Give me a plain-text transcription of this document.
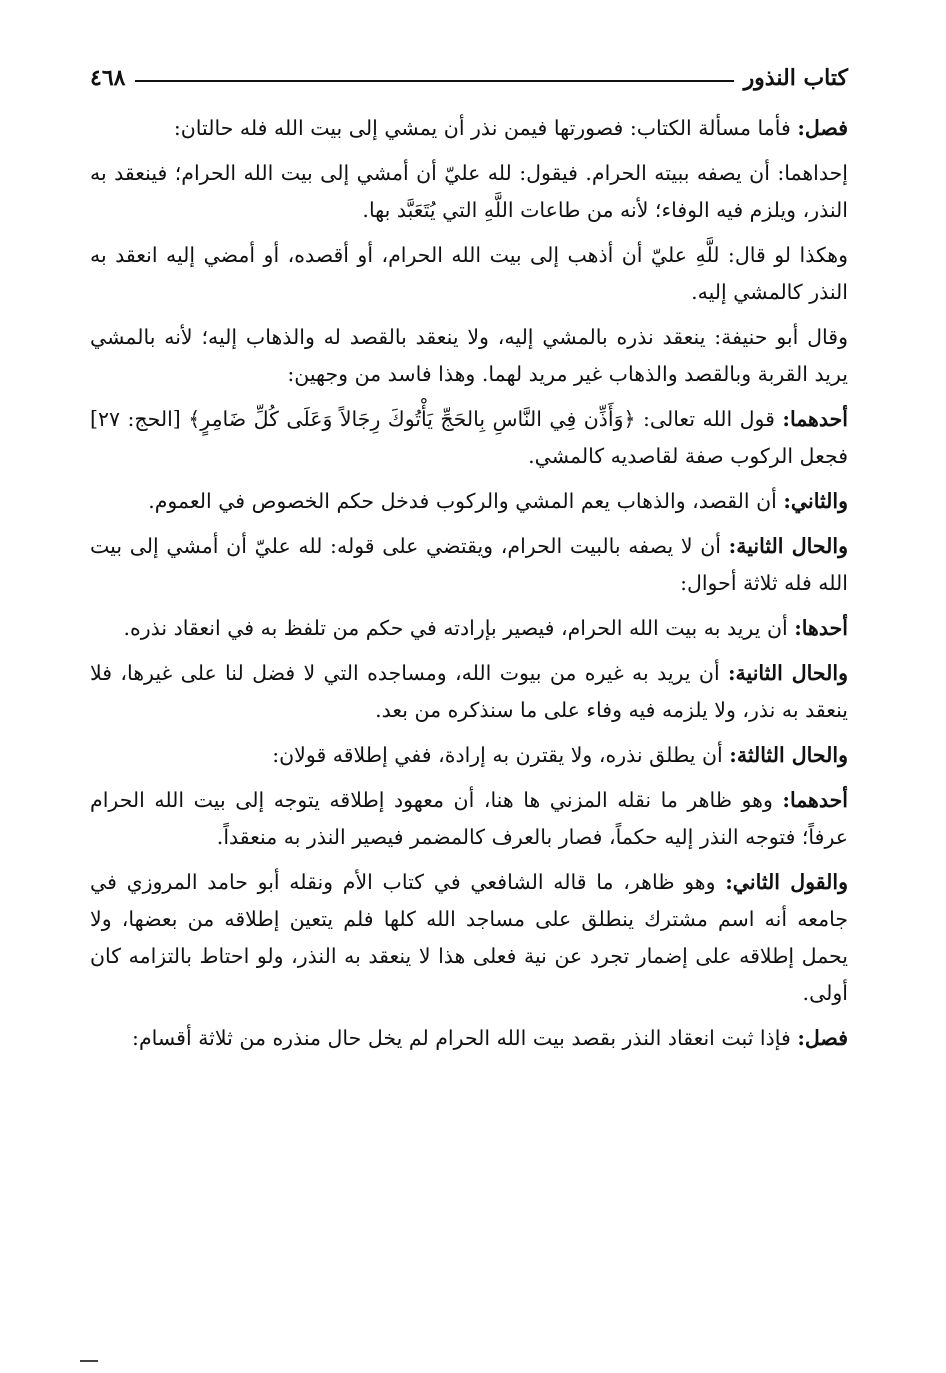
كتاب النذور
٤٦٨

فصل: فأما مسألة الكتاب: فصورتها فيمن نذر أن يمشي إلى بيت الله فله حالتان:

إحداهما: أن يصفه ببيته الحرام. فيقول: لله عليّ أن أمشي إلى بيت الله الحرام؛ فينعقد به النذر، ويلزم فيه الوفاء؛ لأنه من طاعات اللَّهِ التي يُتَعَبَّد بها.

وهكذا لو قال: للَّهِ عليّ أن أذهب إلى بيت الله الحرام، أو أقصده، أو أمضي إليه انعقد به النذر كالمشي إليه.

وقال أبو حنيفة: ينعقد نذره بالمشي إليه، ولا ينعقد بالقصد له والذهاب إليه؛ لأنه بالمشي يريد القربة وبالقصد والذهاب غير مريد لهما. وهذا فاسد من وجهين:

أحدهما: قول الله تعالى: ﴿وَأَذِّن فِي النَّاسِ بِالحَجِّ يَأْتُوكَ رِجَالاً وَعَلَى كُلِّ ضَامِرٍ﴾ [الحج: ٢٧] فجعل الركوب صفة لقاصديه كالمشي.

والثاني: أن القصد، والذهاب يعم المشي والركوب فدخل حكم الخصوص في العموم.

والحال الثانية: أن لا يصفه بالبيت الحرام، ويقتضي على قوله: لله عليّ أن أمشي إلى بيت الله فله ثلاثة أحوال:

أحدها: أن يريد به بيت الله الحرام، فيصير بإرادته في حكم من تلفظ به في انعقاد نذره.

والحال الثانية: أن يريد به غيره من بيوت الله، ومساجده التي لا فضل لنا على غيرها، فلا ينعقد به نذر، ولا يلزمه فيه وفاء على ما سنذكره من بعد.

والحال الثالثة: أن يطلق نذره، ولا يقترن به إرادة، ففي إطلاقه قولان:

أحدهما: وهو ظاهر ما نقله المزني ها هنا، أن معهود إطلاقه يتوجه إلى بيت الله الحرام عرفاً؛ فتوجه النذر إليه حكماً، فصار بالعرف كالمضمر فيصير النذر به منعقداً.

والقول الثاني: وهو ظاهر، ما قاله الشافعي في كتاب الأم ونقله أبو حامد المروزي في جامعه أنه اسم مشترك ينطلق على مساجد الله كلها فلم يتعين إطلاقه من بعضها، ولا يحمل إطلاقه على إضمار تجرد عن نية فعلى هذا لا ينعقد به النذر، ولو احتاط بالتزامه كان أولى.

فصل: فإذا ثبت انعقاد النذر بقصد بيت الله الحرام لم يخل حال منذره من ثلاثة أقسام:
